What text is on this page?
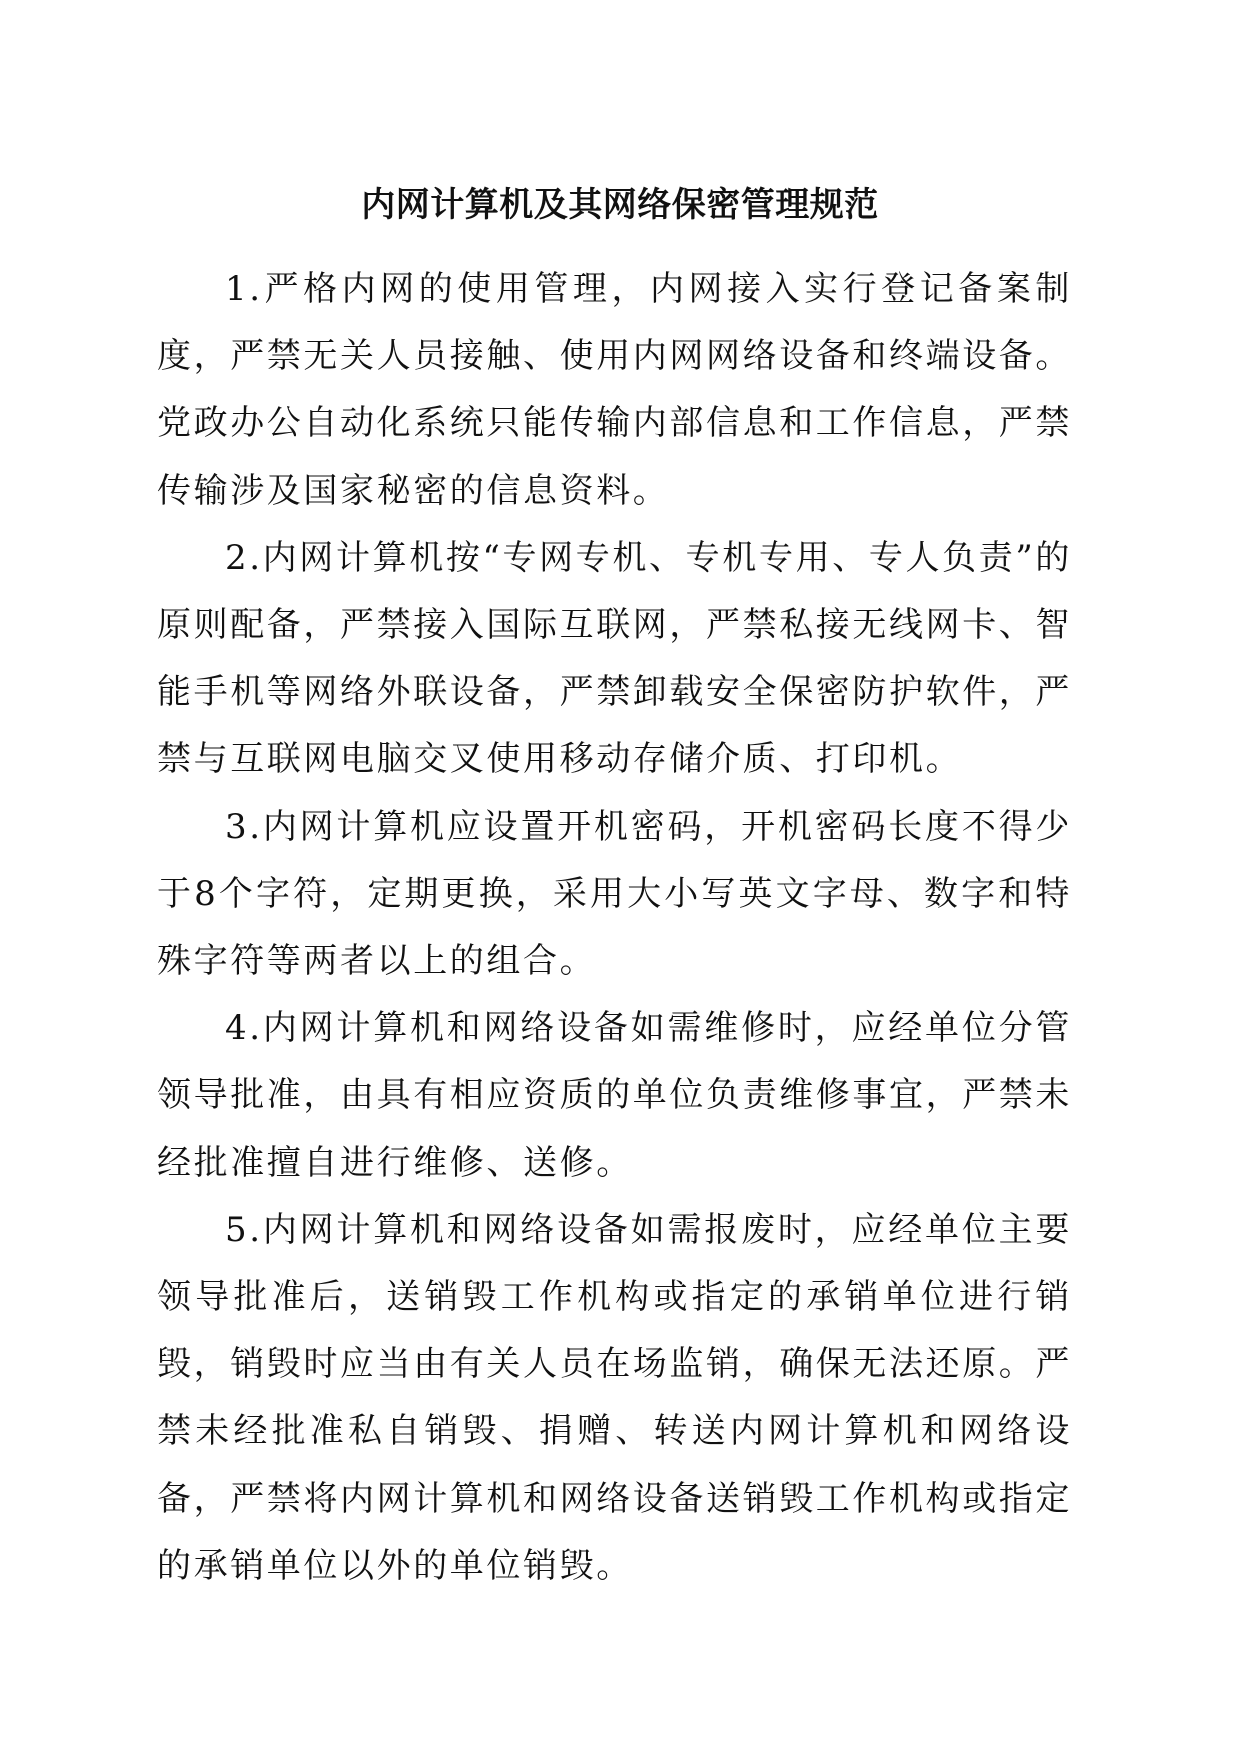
内网计算机及其网络保密管理规范

1.严格内网的使用管理，内网接入实行登记备案制度，严禁无关人员接触、使用内网网络设备和终端设备。党政办公自动化系统只能传输内部信息和工作信息，严禁传输涉及国家秘密的信息资料。

2.内网计算机按“专网专机、专机专用、专人负责”的原则配备，严禁接入国际互联网，严禁私接无线网卡、智能手机等网络外联设备，严禁卸载安全保密防护软件，严禁与互联网电脑交叉使用移动存储介质、打印机。

3.内网计算机应设置开机密码，开机密码长度不得少于8个字符，定期更换，采用大小写英文字母、数字和特殊字符等两者以上的组合。

4.内网计算机和网络设备如需维修时，应经单位分管领导批准，由具有相应资质的单位负责维修事宜，严禁未经批准擅自进行维修、送修。

5.内网计算机和网络设备如需报废时，应经单位主要领导批准后，送销毁工作机构或指定的承销单位进行销毁，销毁时应当由有关人员在场监销，确保无法还原。严禁未经批准私自销毁、捐赠、转送内网计算机和网络设备，严禁将内网计算机和网络设备送销毁工作机构或指定的承销单位以外的单位销毁。
